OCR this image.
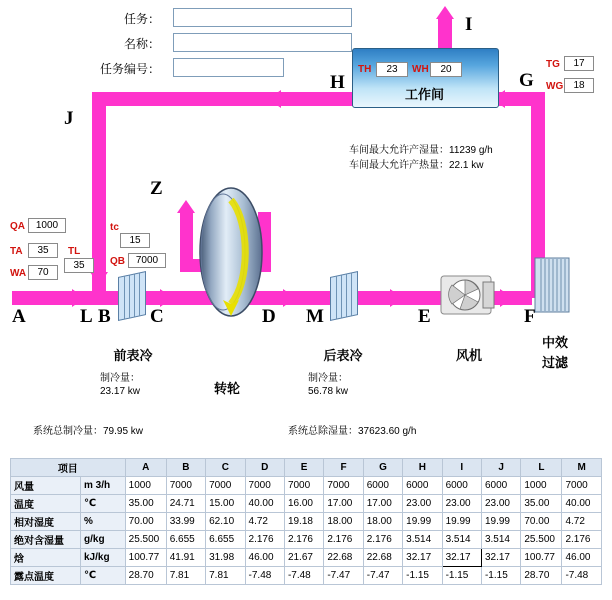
任务：
名称：
任务编号：
QA	1000
TA	35
WA	70
TL
35
tc
15
QB	7000
TG	17
WG	18
TH	23	WH	20
工作间
车间最大允许产湿量：11239 g/h
车间最大允许产热量：22.1 kw
A	L B C	D M	E	F
G
H
I
J
Z
前表冷
制冷量：
23.17 kw	转轮
后表冷
制冷量：
56.78 kw
风机
中效
过滤
系统总制冷量：79.95 kw	系统总除湿量：37623.60 g/h
项目		A	B	C	D	E	F	G	H	I	J	L	M
风量	m 3/h	1000	7000	7000	7000	7000	7000	6000	6000	6000	6000	1000	7000
温度	℃	35.00	24.71	15.00	40.00	16.00	17.00	17.00	23.00	23.00	23.00	35.00	40.00
相对湿度	%	70.00	33.99	62.10	4.72	19.18	18.00	18.00	19.99	19.99	19.99	70.00	4.72
绝对含湿量	g/kg	25.500	6.655	6.655	2.176	2.176	2.176	2.176	3.514	3.514	3.514	25.500	2.176
焓	kJ/kg	100.77	41.91	31.98	46.00	21.67	22.68	22.68	32.17	32.17	32.17	100.77	46.00
露点温度	℃	28.70	7.81	7.81	-7.48	-7.48	-7.47	-7.47	-1.15	-1.15	-1.15	28.70	-7.48
